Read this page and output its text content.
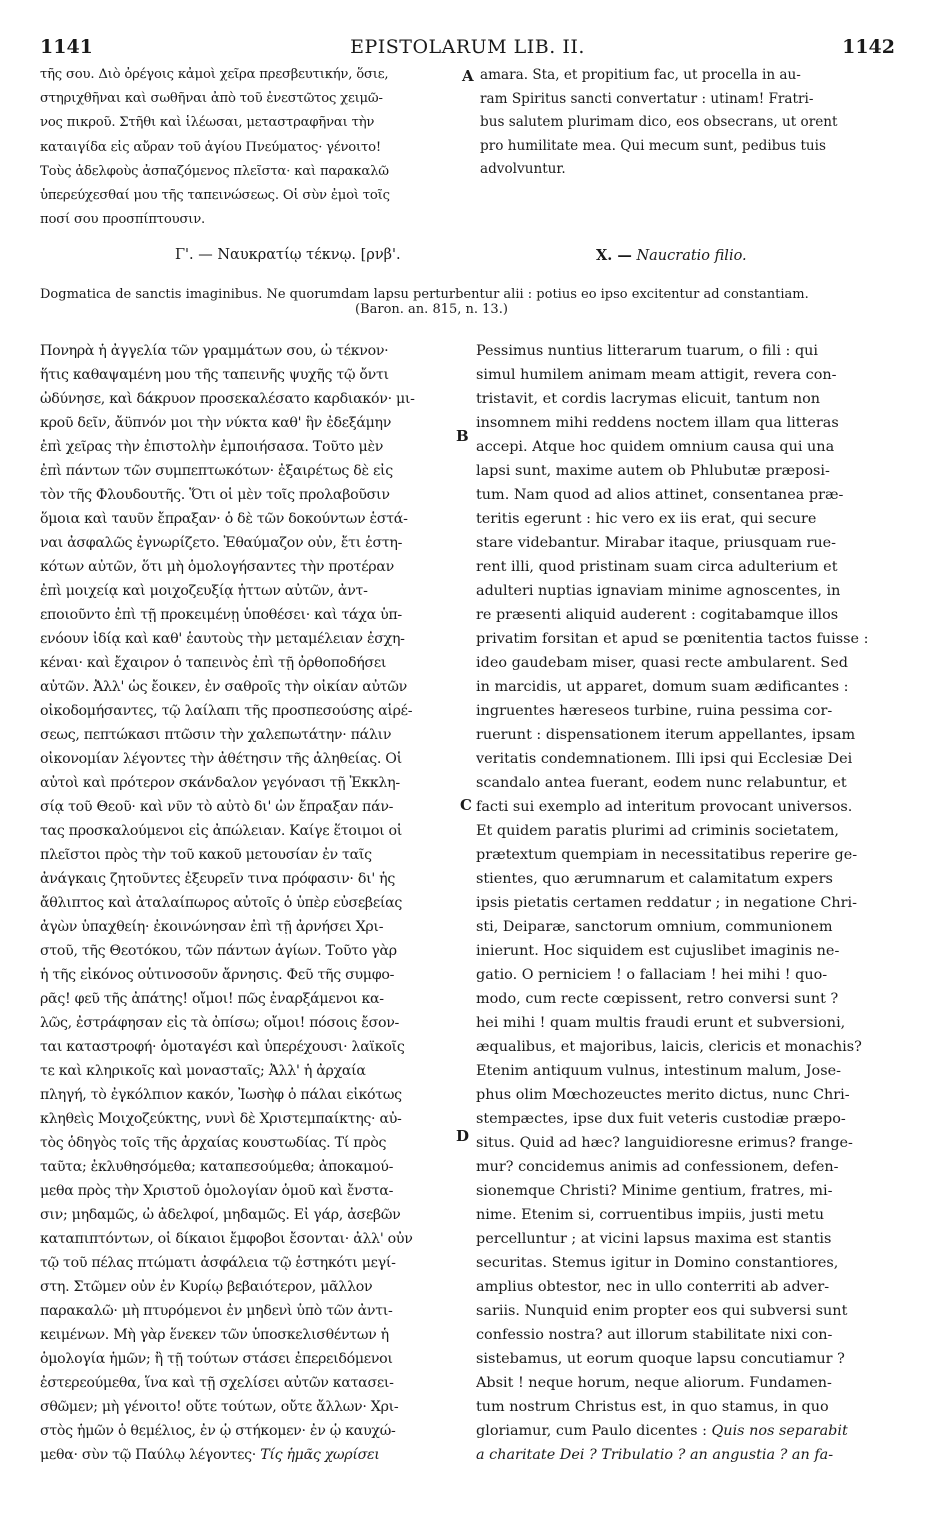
1141	EPISTOLARUM LIB. II.	1142
τῆς σου. Διὸ ὀρέγοις κἀμοὶ χεῖρα πρεσβευτικήν, ὅσιε,
στηριχθῆναι καὶ σωθῆναι ἀπὸ τοῦ ἐνεστῶτος χειμῶ-
νος πικροῦ. Στῆθι καὶ ἱλέωσαι, μεταστραφῆναι τὴν
καταιγίδα εἰς αὔραν τοῦ ἁγίου Πνεύματος· γένοιτο!
Τοὺς ἀδελφοὺς ἀσπαζόμενος πλεῖστα· καὶ παρακαλῶ
ὑπερεύχεσθαί μου τῆς ταπεινώσεως. Οἱ σὺν ἐμοὶ τοῖς
ποσί σου προσπίπτουσιν.
amara. Sta, et propitium fac, ut procella in au-
ram Spiritus sancti convertatur : utinam! Fratri-
bus salutem plurimam dico, eos obsecrans, ut orent
pro humilitate mea. Qui mecum sunt, pedibus tuis
advolvuntur.
A
Γ'. — Ναυκρατίῳ τέκνῳ. [ρνβ'.	X. — Naucratio filio.
Dogmatica de sanctis imaginibus. Ne quorumdam lapsu perturbentur alii : potius eo ipso excitentur ad constantiam.
(Baron. an. 815, n. 13.)
Πονηρὰ ἡ ἀγγελία τῶν γραμμάτων σου, ὦ τέκνον·
ἥτις καθαψαμένη μου τῆς ταπεινῆς ψυχῆς τῷ ὄντι
ὠδύνησε, καὶ δάκρυον προσεκαλέσατο καρδιακόν· μι-
κροῦ δεῖν, ἄϋπνόν μοι τὴν νύκτα καθ' ἣν ἐδεξάμην
ἐπὶ χεῖρας τὴν ἐπιστολὴν ἐμποιήσασα. Τοῦτο μὲν
ἐπὶ πάντων τῶν συμπεπτωκότων· ἐξαιρέτως δὲ εἰς
τὸν τῆς Φλουδουτῆς. Ὅτι οἱ μὲν τοῖς προλαβοῦσιν
ὅμοια καὶ ταυῦν ἔπραξαν· ὁ δὲ τῶν δοκούντων ἑστά-
ναι ἀσφαλῶς ἐγνωρίζετο. Ἐθαύμαζον οὖν, ἔτι ἑστη-
κότων αὐτῶν, ὅτι μὴ ὁμολογήσαντες τὴν προτέραν
ἐπὶ μοιχείᾳ καὶ μοιχοζευξίᾳ ἧττων αὐτῶν, ἀντ-
εποιοῦντο ἐπὶ τῇ προκειμένῃ ὑποθέσει· καὶ τάχα ὑπ-
ενόουν ἰδίᾳ καὶ καθ' ἑαυτοὺς τὴν μεταμέλειαν ἐσχη-
κέναι· καὶ ἔχαιρον ὁ ταπεινὸς ἐπὶ τῇ ὀρθοποδήσει
αὐτῶν. Ἀλλ' ὡς ἔοικεν, ἐν σαθροῖς τὴν οἰκίαν αὐτῶν
οἰκοδομήσαντες, τῷ λαίλαπι τῆς προσπεσούσης αἱρέ-
σεως, πεπτώκασι πτῶσιν τὴν χαλεπωτάτην· πάλιν
οἰκονομίαν λέγοντες τὴν ἀθέτησιν τῆς ἀληθείας. Οἱ
αὐτοὶ καὶ πρότερον σκάνδαλον γεγόνασι τῇ Ἐκκλη-
σίᾳ τοῦ Θεοῦ· καὶ νῦν τὸ αὐτὸ δι' ὧν ἔπραξαν πάν-
τας προσκαλούμενοι εἰς ἀπώλειαν. Καίγε ἕτοιμοι οἱ
πλεῖστοι πρὸς τὴν τοῦ κακοῦ μετουσίαν ἐν ταῖς
ἀνάγκαις ζητοῦντες ἐξευρεῖν τινα πρόφασιν· δι' ἧς
ἄθλιπτος καὶ ἀταλαίπωρος αὐτοῖς ὁ ὑπὲρ εὐσεβείας
ἀγὼν ὑπαχθείη· ἐκοινώνησαν ἐπὶ τῇ ἀρνήσει Χρι-
στοῦ, τῆς Θεοτόκου, τῶν πάντων ἁγίων. Τοῦτο γὰρ
ἡ τῆς εἰκόνος οὑτινοσοῦν ἄρνησις. Φεῦ τῆς συμφο-
ρᾶς! φεῦ τῆς ἀπάτης! οἴμοι! πῶς ἐναρξάμενοι κα-
λῶς, ἐστράφησαν εἰς τὰ ὀπίσω; οἴμοι! πόσοις ἔσον-
ται καταστροφή· ὁμοταγέσι καὶ ὑπερέχουσι· λαϊκοῖς
τε καὶ κληρικοῖς καὶ μονασταῖς; Ἀλλ' ἡ ἀρχαία
πληγή, τὸ ἐγκόλπιον κακόν, Ἰωσὴφ ὁ πάλαι εἰκότως
κληθεὶς Μοιχοζεύκτης, νυνὶ δὲ Χριστεμπαίκτης· αὐ-
τὸς ὁδηγὸς τοῖς τῆς ἀρχαίας κουστωδίας. Τί πρὸς
ταῦτα; ἐκλυθησόμεθα; καταπεσούμεθα; ἀποκαμού-
μεθα πρὸς τὴν Χριστοῦ ὁμολογίαν ὁμοῦ καὶ ἔνστα-
σιν; μηδαμῶς, ὦ ἀδελφοί, μηδαμῶς. Εἰ γάρ, ἀσεβῶν
καταπιπτόντων, οἱ δίκαιοι ἔμφοβοι ἔσονται· ἀλλ' οὖν
τῷ τοῦ πέλας πτώματι ἀσφάλεια τῷ ἑστηκότι μεγί-
στη. Στῶμεν οὖν ἐν Κυρίῳ βεβαιότερον, μᾶλλον
παρακαλῶ· μὴ πτυρόμενοι ἐν μηδενὶ ὑπὸ τῶν ἀντι-
κειμένων. Μὴ γὰρ ἕνεκεν τῶν ὑποσκελισθέντων ἡ
ὁμολογία ἡμῶν; ἢ τῇ τούτων στάσει ἐπερειδόμενοι
ἐστερεούμεθα, ἵνα καὶ τῇ σχελίσει αὐτῶν κατασει-
σθῶμεν; μὴ γένοιτο! οὔτε τούτων, οὔτε ἄλλων· Χρι-
στὸς ἡμῶν ὁ θεμέλιος, ἐν ᾧ στήκομεν· ἐν ᾧ καυχώ-
μεθα· σὺν τῷ Παύλῳ λέγοντες· Τίς ἡμᾶς χωρίσει
Pessimus nuntius litterarum tuarum, o fili : qui
simul humilem animam meam attigit, revera con-
tristavit, et cordis lacrymas elicuit, tantum non
insomnem mihi reddens noctem illam qua litteras
accepi. Atque hoc quidem omnium causa qui una
lapsi sunt, maxime autem ob Phlubutæ præposi-
tum. Nam quod ad alios attinet, consentanea præ-
teritis egerunt : hic vero ex iis erat, qui secure
stare videbantur. Mirabar itaque, priusquam rue-
rent illi, quod pristinam suam circa adulterium et
adulteri nuptias ignaviam minime agnoscentes, in
re præsenti aliquid auderent : cogitabamque illos
privatim forsitan et apud se pœnitentia tactos fuisse :
ideo gaudebam miser, quasi recte ambularent. Sed
in marcidis, ut apparet, domum suam ædificantes :
ingruentes hæreseos turbine, ruina pessima cor-
ruerunt : dispensationem iterum appellantes, ipsam
veritatis condemnationem. Illi ipsi qui Ecclesiæ Dei
scandalo antea fuerant, eodem nunc relabuntur, et
facti sui exemplo ad interitum provocant universos.
Et quidem paratis plurimi ad criminis societatem,
prætextum quempiam in necessitatibus reperire ge-
stientes, quo ærumnarum et calamitatum expers
ipsis pietatis certamen reddatur ; in negatione Chri-
sti, Deiparæ, sanctorum omnium, communionem
inierunt. Hoc siquidem est cujuslibet imaginis ne-
gatio. O perniciem ! o fallaciam ! hei mihi ! quo-
modo, cum recte cœpissent, retro conversi sunt ?
hei mihi ! quam multis fraudi erunt et subversioni,
æqualibus, et majoribus, laicis, clericis et monachis?
Etenim antiquum vulnus, intestinum malum, Jose-
phus olim Mœchozeuctes merito dictus, nunc Chri-
stempæctes, ipse dux fuit veteris custodiæ præpo-
situs. Quid ad hæc? languidioresne erimus? frange-
mur? concidemus animis ad confessionem, defen-
sionemque Christi? Minime gentium, fratres, mi-
nime. Etenim si, corruentibus impiis, justi metu
percelluntur ; at vicini lapsus maxima est stantis
securitas. Stemus igitur in Domino constantiores,
amplius obtestor, nec in ullo conterriti ab adver-
sariis. Nunquid enim propter eos qui subversi sunt
confessio nostra? aut illorum stabilitate nixi con-
sistebamus, ut eorum quoque lapsu concutiamur ?
Absit ! neque horum, neque aliorum. Fundamen-
tum nostrum Christus est, in quo stamus, in quo
gloriamur, cum Paulo dicentes : Quis nos separabit
a charitate Dei ? Tribulatio ? an angustia ? an fa-
B
C
D
